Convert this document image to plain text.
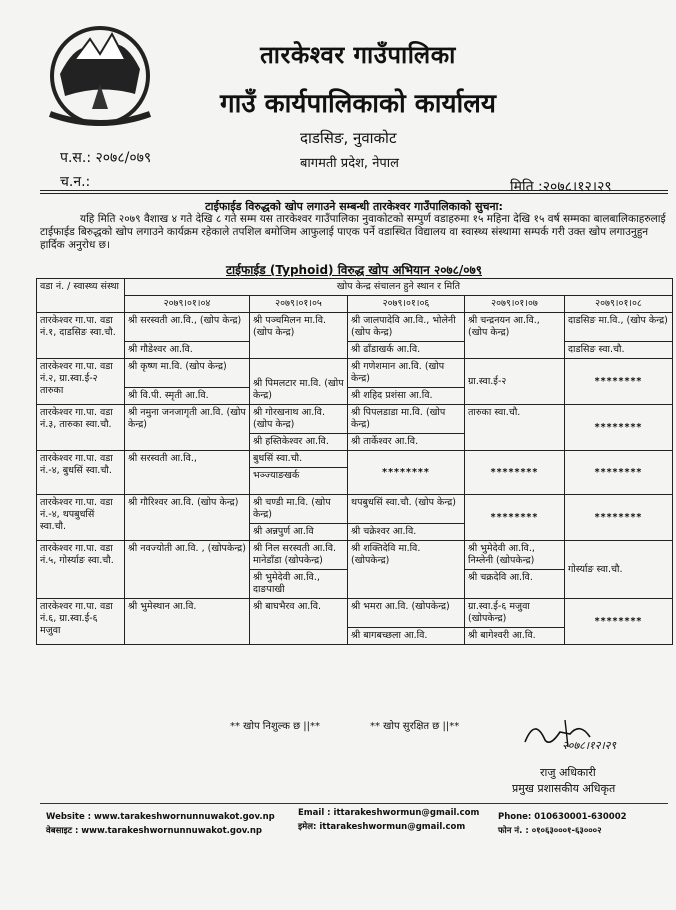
तारकेश्वर गाउँपालिका
गाउँ कार्यपालिकाको कार्यालय
दाडसिङ, नुवाकोट
बागमती प्रदेश, नेपाल
प.स.: २०७८/०७९
च.न.:	मिति :२०७८।१२।२९
टाईफाईड विरुद्धको खोप लगाउने सम्बन्धी तारकेश्वर गाउँपालिकाको सुचना:
यहि मिति २०७९ वैशाख ४ गते देखि ८ गते सम्म यस तारकेश्वर गाउँपालिका नुवाकोटको सम्पुर्ण वडाहरुमा १५ महिना देखि १५ वर्ष सम्मका बालबालिकाहरुलाई टाईफाईड बिरुद्धको खोप लगाउने कार्यक्रम रहेकाले तपशिल बमोजिम आफुलाई पाएक पर्ने वडास्थित विद्यालय वा स्वास्थ्य संस्थामा सम्पर्क गरी उक्त खोप लगाउनुहुन हार्दिक अनुरोध छ।
टाईफाईड (Typhoid) विरुद्ध खोप अभियान २०७८/०७९
वडा नं. / स्वास्थ्य संस्था	खोप केन्द्र संचालन हुने स्थान र मिति				
	२०७९।०१।०४	२०७९।०१।०५	२०७९।०१।०६	२०७९।०१।०७	२०७९।०१।०८
तारकेश्वर गा.पा. वडा नं.१, दाडसिङ स्वा.चौ.	श्री सरस्वती आ.वि., (खोप केन्द्र)	श्री पञ्चमिलन मा.वि.(खोप केन्द्र)	श्री जालपादेवि आ.वि., भोलेनी (खोप केन्द्र)	श्री चन्द्रनयन आ.वि., (खोप केन्द्र)	दाडसिङ मा.वि., (खोप केन्द्र)
	श्री गौडेश्वर आ.वि.		श्री ढाँडाखर्क आ.वि.		दाडसिङ स्वा.चौ.
तारकेश्वर गा.पा. वडा नं.२, ग्रा.स्वा.ई-२ तारुका	श्री कृष्ण मा.वि. (खोप केन्द्र)	श्री पिमलटार मा.वि. (खोप केन्द्र)	श्री गणेशमान आ.वि. (खोप केन्द्र)	ग्रा.स्वा.ई-२	********
	श्री वि.पी. स्मृती आ.वि.		श्री शहिद प्रशंसा आ.वि.		
तारकेश्वर गा.पा. वडा नं.३, तारुका स्वा.चौ.	श्री नमुना जनजागृती आ.वि. (खोप केन्द्र)	श्री गोरखनाथ आ.वि. (खोप केन्द्र)	श्री पिपलडाडा मा.वि. (खोप केन्द्र)	तारुका स्वा.चौ.	********
		श्री हस्तिकेश्वर आ.वि.	श्री तार्केश्वर आ.वि.		
तारकेश्वर गा.पा. वडा नं.-४, बुधसिं स्वा.चौ.	श्री सरस्वती आ.वि.,	बुधसिं स्वा.चौ.	********	********	********
		भञ्ज्याङखर्क			
तारकेश्वर गा.पा. वडा नं.-४, थपबुधसिं स्वा.चौ.	श्री गौरिश्वर आ.वि. (खोप केन्द्र)	श्री चण्डी मा.वि. (खोप केन्द्र)	थपबुधसिं स्वा.चौ. (खोप केन्द्र)	********	********
		श्री अन्नपुर्ण आ.वि	श्री चक्रेश्वर आ.वि.		
तारकेश्वर गा.पा. वडा नं.५, गोर्स्याङ स्वा.चौ.	श्री नवज्योती आ.वि. , (खोपकेन्द्र)	श्री निल सरस्वती आ.वि. मानेडाँडा (खोपकेन्द्र)	श्री शक्तिदेवि मा.वि. (खोपकेन्द्र)	श्री भुमेदेवी आ.वि., निम्लेनी (खोपकेन्द्र)	गोर्स्याङ स्वा.चौ.
		श्री भुमेदेवी आ.वि., दाङपाखी		श्री चक्रदेवि आ.वि.	
तारकेश्वर गा.पा. वडा नं.६, ग्रा.स्वा.ई-६ मजुवा	श्री भुमेस्थान आ.वि.	श्री बाघभैरव आ.वि.	श्री भमरा आ.वि. (खोपकेन्द्र)	ग्रा.स्वा.ई-६ मजुवा (खोपकेन्द्र)	********
			श्री बागबच्छला आ.वि.	श्री बागेश्वरी आ.वि.	
** खोप निशुल्क छ ||**	** खोप सुरक्षित छ ||**
२०७८।१२।२९
राजु अधिकारी
प्रमुख प्रशासकीय अधिकृत
Website : www.tarakeshwornunnuwakot.gov.np
वेबसाइट : www.tarakeshwornunnuwakot.gov.np
Email : ittarakeshwormun@gmail.com
इमेल: ittarakeshwormun@gmail.com
Phone: 010630001-630002
फोन नं. : ०१०६३०००१-६३०००२
